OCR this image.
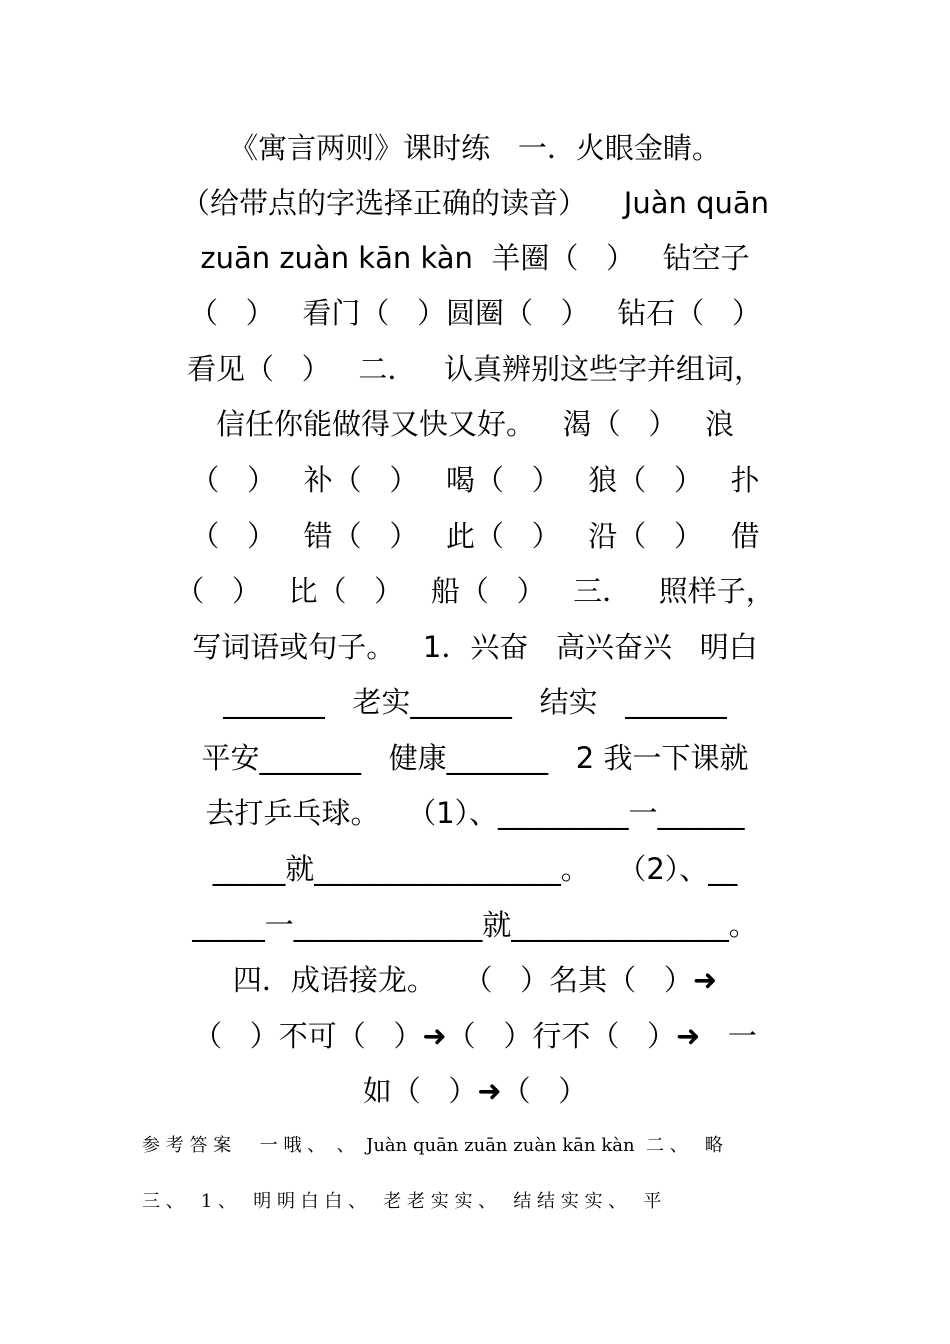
《寓言两则》课时练   一．火眼金睛。
（给带点的字选择正确的读音）    Juàn quān
zuān zuàn kān kàn  羊圈（   ）   钻空子
（   ）   看门（   ）圆圈（   ）   钻石（   ）
看见（   ）   二．   认真辨别这些字并组词，
信任你能做得又快又好。   渴（   ）   浪
（   ）   补（   ）   喝（   ）   狼（   ）   扑
（   ）   错（   ）   此（   ）   沿（   ）   借
（   ）   比（   ）   船（   ）   三．   照样子，
写词语或句子。   1．兴奋   高兴奋兴   明白
_______   老实_______   结实   _______
平安_______   健康_______   2 我一下课就
去打乒乓球。   （1）、_________一______
_____就_________________。   （2）、__
_____一_____________就_______________。
四．成语接龙。   （   ）名其（   ）➜
（   ）不可（   ）➜（   ）行不（   ）➜   一
如（   ）➜（   ）
参 考 答 案     一 哦 、  、  Juàn quān zuān zuàn kān kàn  二 、   略
三 、   1 、   明 明 白 白 、   老 老 实 实 、   结 结 实 实 、   平
